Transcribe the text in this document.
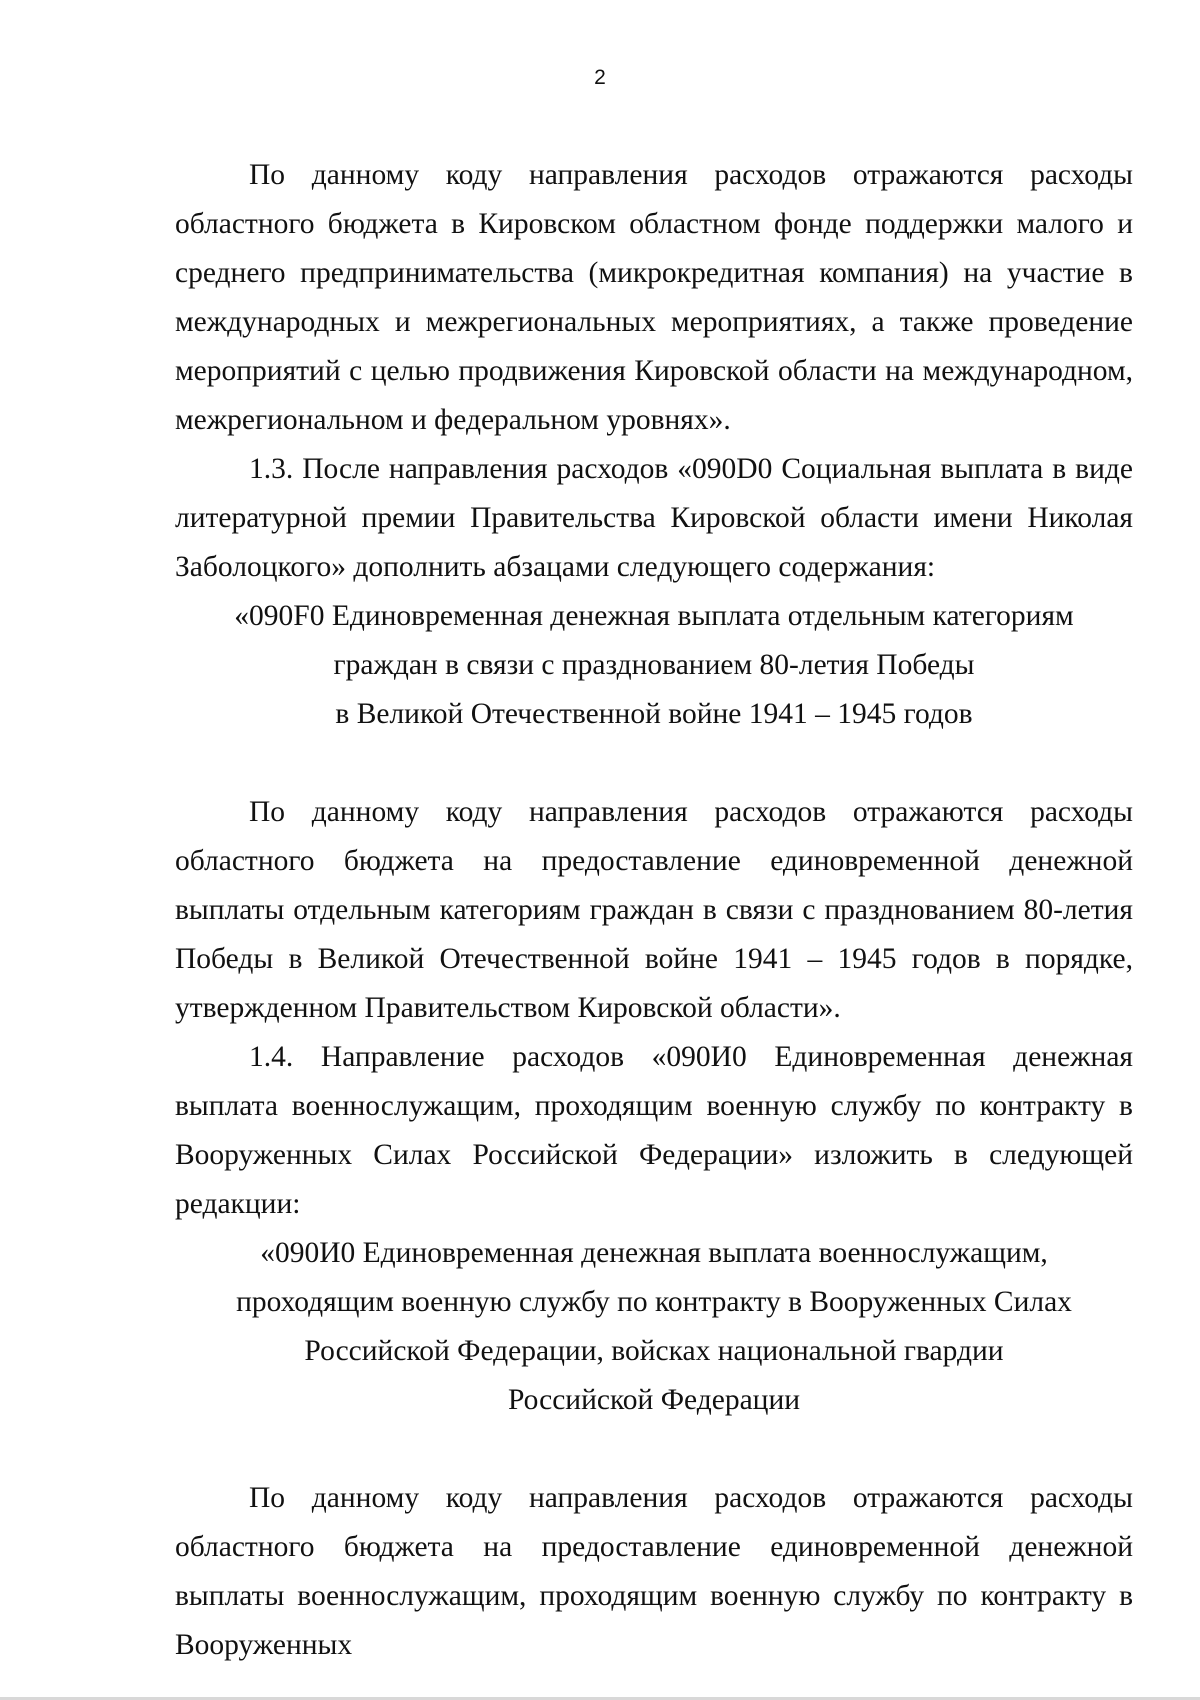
2

По данному коду направления расходов отражаются расходы областного бюджета в Кировском областном фонде поддержки малого и среднего предпринимательства (микрокредитная компания) на участие в международных и межрегиональных мероприятиях, а также проведение мероприятий с целью продвижения Кировской области на международном, межрегиональном и федеральном уровнях».

1.3. После направления расходов «090D0 Социальная выплата в виде литературной премии Правительства Кировской области имени Николая Заболоцкого» дополнить абзацами следующего содержания:

«090F0 Единовременная денежная выплата отдельным категориям
граждан в связи с празднованием 80-летия Победы
в Великой Отечественной войне 1941 – 1945 годов

По данному коду направления расходов отражаются расходы областного бюджета на предоставление единовременной денежной выплаты отдельным категориям граждан в связи с празднованием 80-летия Победы в Великой Отечественной войне 1941 – 1945 годов в порядке, утвержденном Правительством Кировской области».

1.4. Направление расходов «090И0 Единовременная денежная выплата военнослужащим, проходящим военную службу по контракту в Вооруженных Силах Российской Федерации» изложить в следующей редакции:

«090И0 Единовременная денежная выплата военнослужащим,
проходящим военную службу по контракту в Вооруженных Силах
Российской Федерации, войсках национальной гвардии
Российской Федерации

По данному коду направления расходов отражаются расходы областного бюджета на предоставление единовременной денежной выплаты военнослужащим, проходящим военную службу по контракту в Вооруженных
